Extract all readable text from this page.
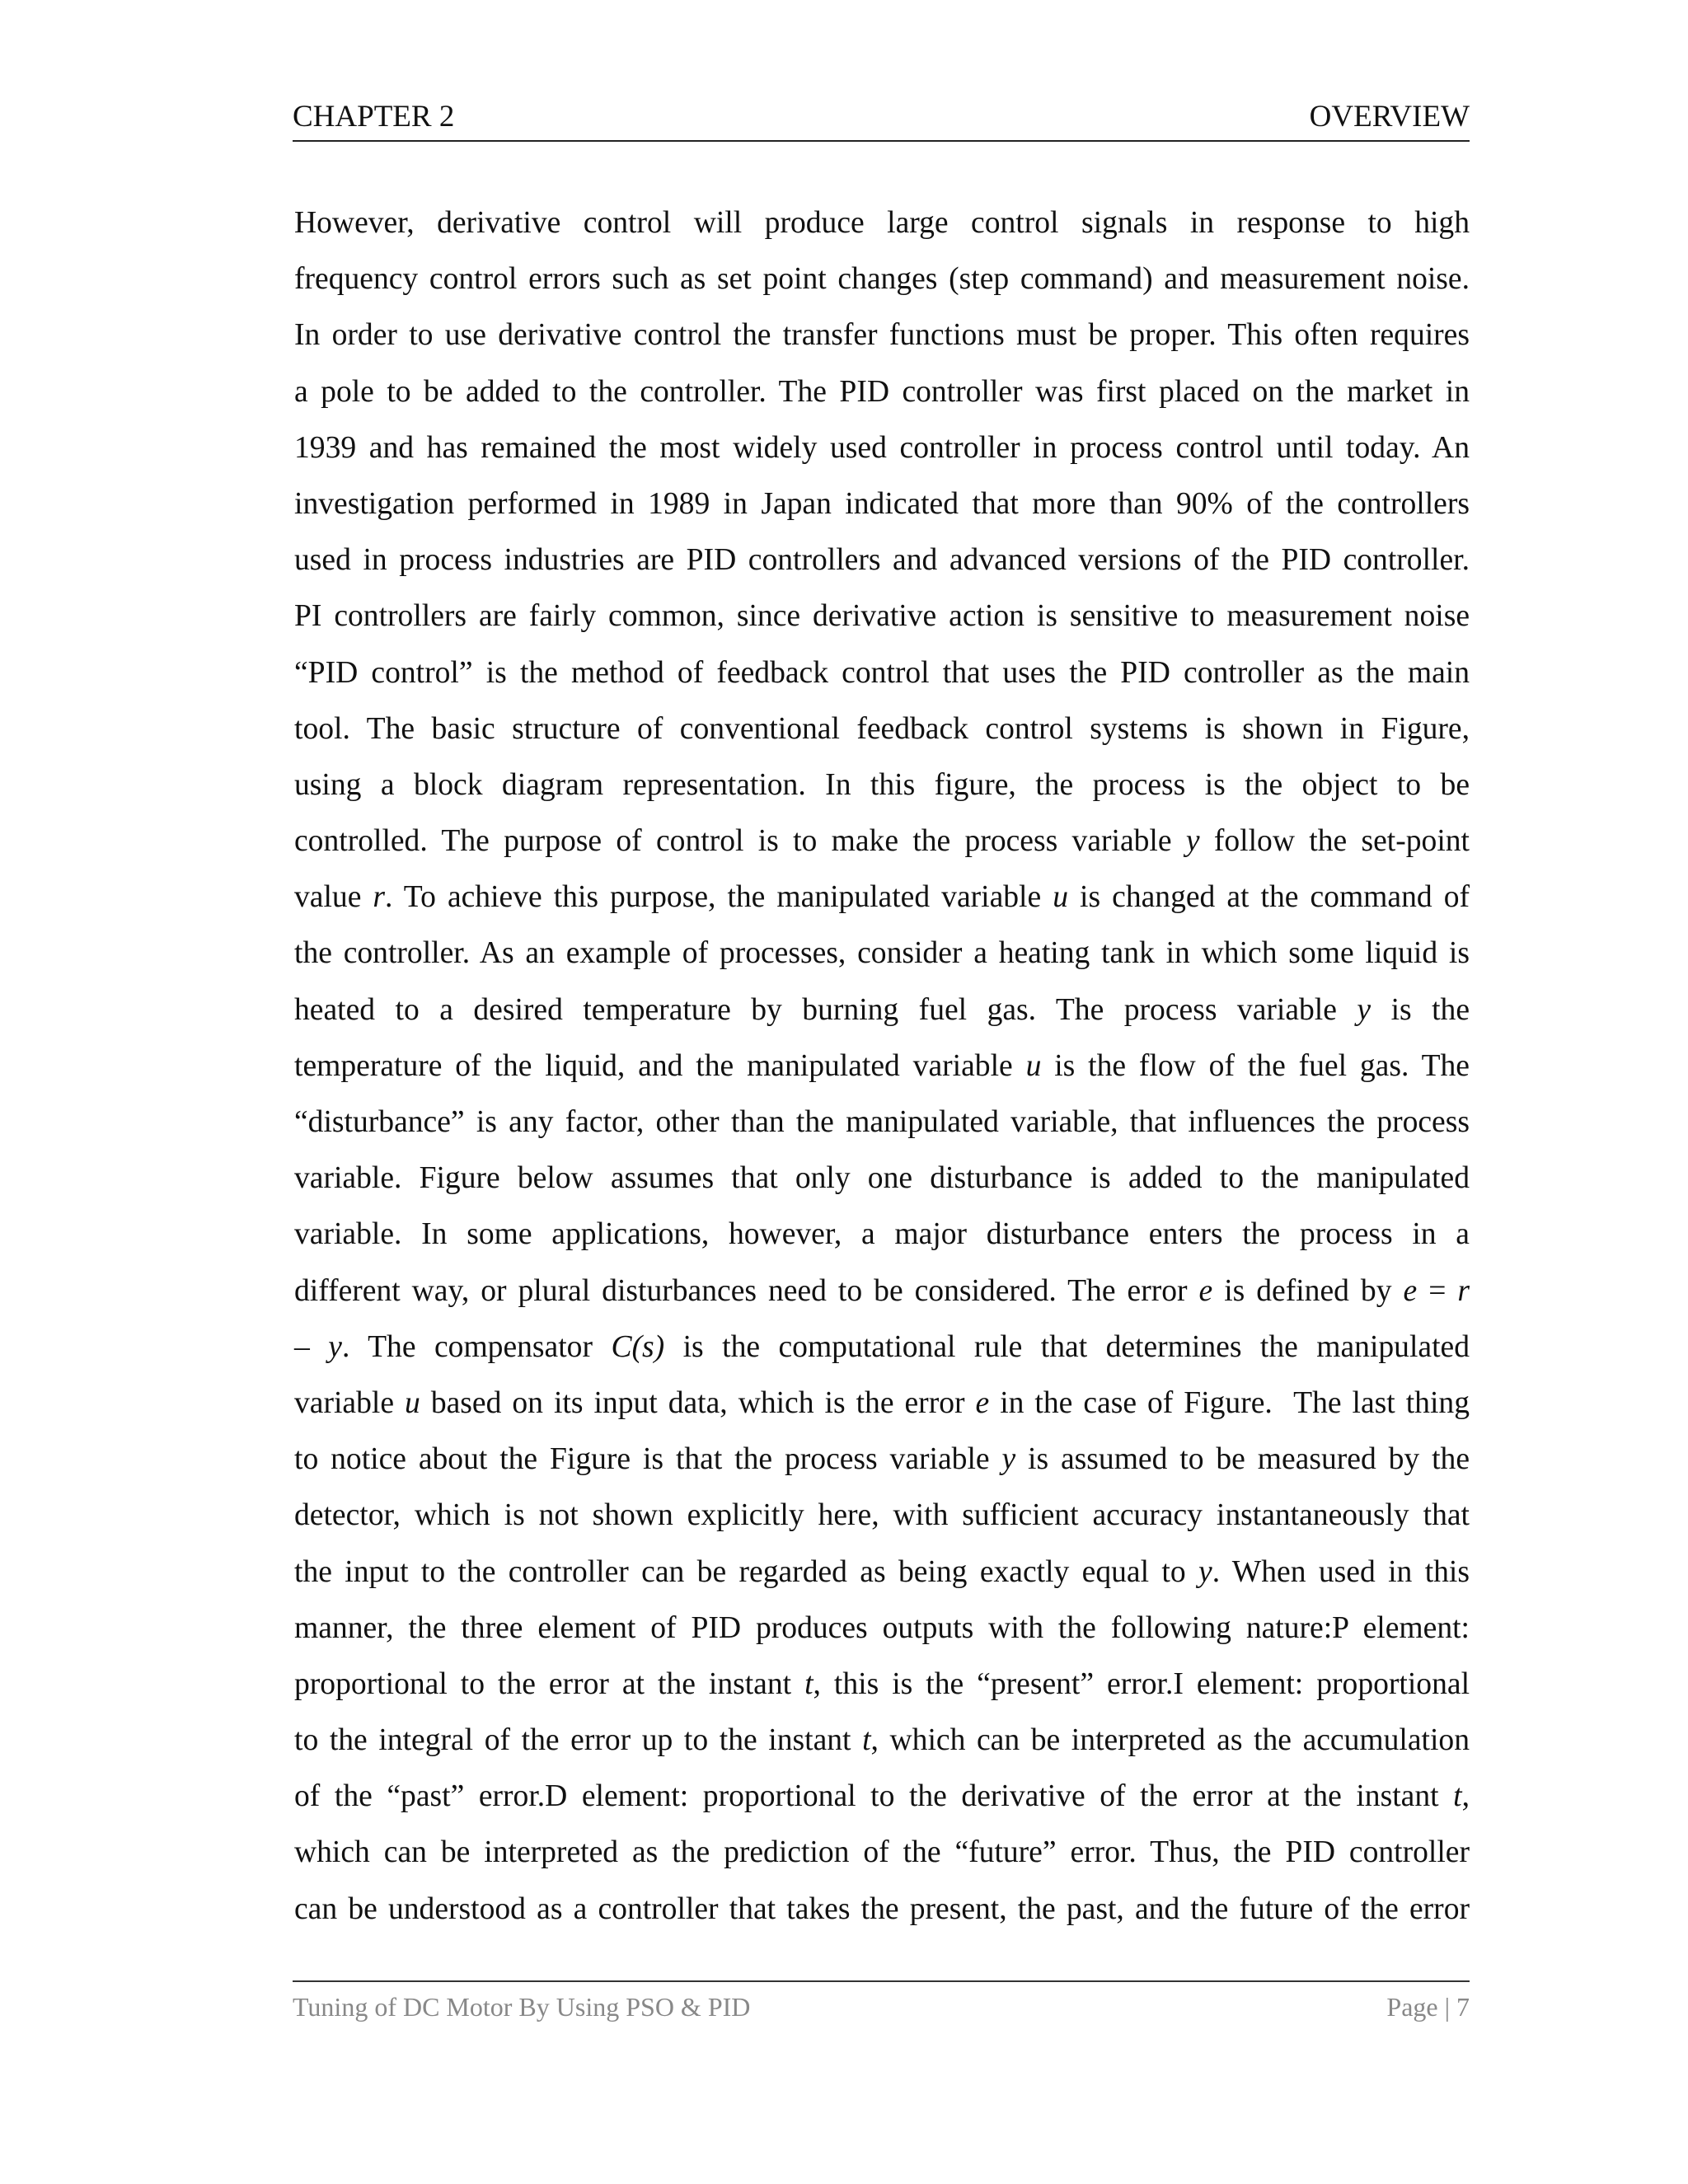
CHAPTER 2	OVERVIEW
However, derivative control will produce large control signals in response to high
frequency control errors such as set point changes (step command) and measurement noise.
In order to use derivative control the transfer functions must be proper. This often requires
a pole to be added to the controller. The PID controller was first placed on the market in
1939 and has remained the most widely used controller in process control until today. An
investigation performed in 1989 in Japan indicated that more than 90% of the controllers
used in process industries are PID controllers and advanced versions of the PID controller.
PI controllers are fairly common, since derivative action is sensitive to measurement noise
“PID control” is the method of feedback control that uses the PID controller as the main
tool. The basic structure of conventional feedback control systems is shown in Figure,
using a block diagram representation. In this figure, the process is the object to be
controlled. The purpose of control is to make the process variable y follow the set-point
value r. To achieve this purpose, the manipulated variable u is changed at the command of
the controller. As an example of processes, consider a heating tank in which some liquid is
heated to a desired temperature by burning fuel gas. The process variable y is the
temperature of the liquid, and the manipulated variable u is the flow of the fuel gas. The
“disturbance” is any factor, other than the manipulated variable, that influences the process
variable. Figure below assumes that only one disturbance is added to the manipulated
variable. In some applications, however, a major disturbance enters the process in a
different way, or plural disturbances need to be considered. The error e is defined by e = r
– y. The compensator C(s) is the computational rule that determines the manipulated
variable u based on its input data, which is the error e in the case of Figure.  The last thing
to notice about the Figure is that the process variable y is assumed to be measured by the
detector, which is not shown explicitly here, with sufficient accuracy instantaneously that
the input to the controller can be regarded as being exactly equal to y. When used in this
manner, the three element of PID produces outputs with the following nature:P element:
proportional to the error at the instant t, this is the “present” error.I element: proportional
to the integral of the error up to the instant t, which can be interpreted as the accumulation
of the “past” error.D element: proportional to the derivative of the error at the instant t,
which can be interpreted as the prediction of the “future” error. Thus, the PID controller
can be understood as a controller that takes the present, the past, and the future of the error
Tuning of DC Motor By Using PSO & PID	Page | 7
